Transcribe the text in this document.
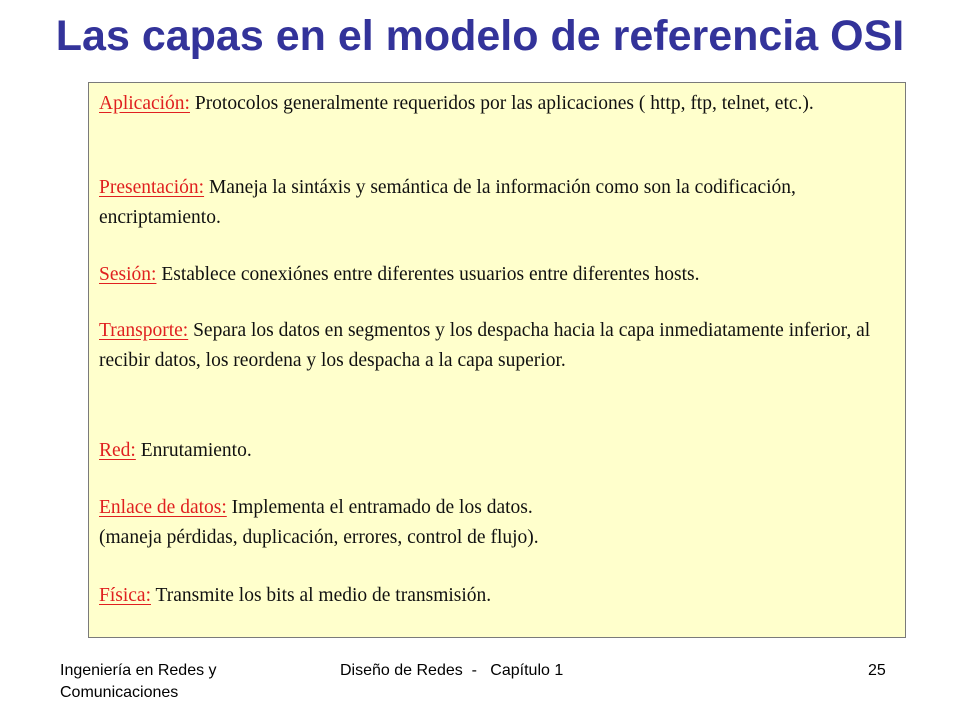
Las capas en el modelo de referencia OSI
Aplicación: Protocolos generalmente requeridos por las aplicaciones ( http, ftp, telnet, etc.).
Presentación: Maneja la sintáxis y semántica de la información como son la codificación, encriptamiento.
Sesión: Establece conexiónes entre diferentes usuarios entre diferentes hosts.
Transporte: Separa los datos en segmentos y los despacha hacia la capa inmediatamente inferior, al recibir datos, los reordena y los despacha a la capa superior.
Red: Enrutamiento.
Enlace de datos: Implementa el entramado de los datos.
(maneja pérdidas, duplicación, errores, control de flujo).
Física: Transmite los bits al medio de transmisión.
Ingeniería en Redes y Comunicaciones
Diseño de Redes  -   Capítulo 1	25
